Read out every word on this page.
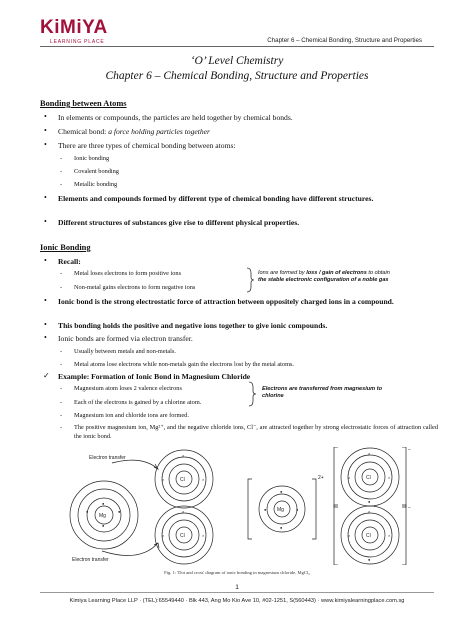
KiMiYA
LEARNING PLACE	Chapter 6 – Chemical Bonding, Structure and Properties
‘O’ Level Chemistry
Chapter 6 – Chemical Bonding, Structure and Properties
Bonding between Atoms
• In elements or compounds, the particles are held together by chemical bonds.
• Chemical bond: a force holding particles together
• There are three types of chemical bonding between atoms:
- Ionic bonding
- Covalent bonding
- Metallic bonding
• Elements and compounds formed by different type of chemical bonding have different structures.
• Different structures of substances give rise to different physical properties.
Ionic Bonding
• Recall:
- Metal loses electrons to form positive ions
- Non-metal gains electrons to form negative ions
Ions are formed by loss / gain of electrons to obtain
the stable electronic configuration of a noble gas
• Ionic bond is the strong electrostatic force of attraction between oppositely charged ions in a compound.
• This bonding holds the positive and negative ions together to give ionic compounds.
• Ionic bonds are formed via electron transfer.
- Usually between metals and non-metals.
- Metal atoms lose electrons while non-metals gain the electrons lost by the metal atoms.
✓ Example: Formation of Ionic Bond in Magnesium Chloride
- Magnesium atom loses 2 valence electrons
- Each of the electrons is gained by a chlorine atom.
- Magnesium ion and chloride ions are formed.
Electrons are transferred from magnesium to chlorine
- The positive magnesium ion, Mg²⁺, and the negative chloride ions, Cl⁻, are attracted together by strong electrostatic forces of attraction called the ionic bond.
Electron transfer
Electron transfer
Mg
Cl
Cl
Mg
Cl
Cl
2+
−
−
●
●
●	●
×
×	×
×
×	×
●
●
●	●
×
×	×
●
×
×	×
●
Fig. 1: 'Dot and cross' diagram of ionic bonding in magnesium chloride, MgCl₂
1
Kimiya Learning Place LLP · (TEL):65549440 · Blk 443, Ang Mo Kio Ave 10, #02-1251, S(560443) · www.kimiyalearningplace.com.sg
